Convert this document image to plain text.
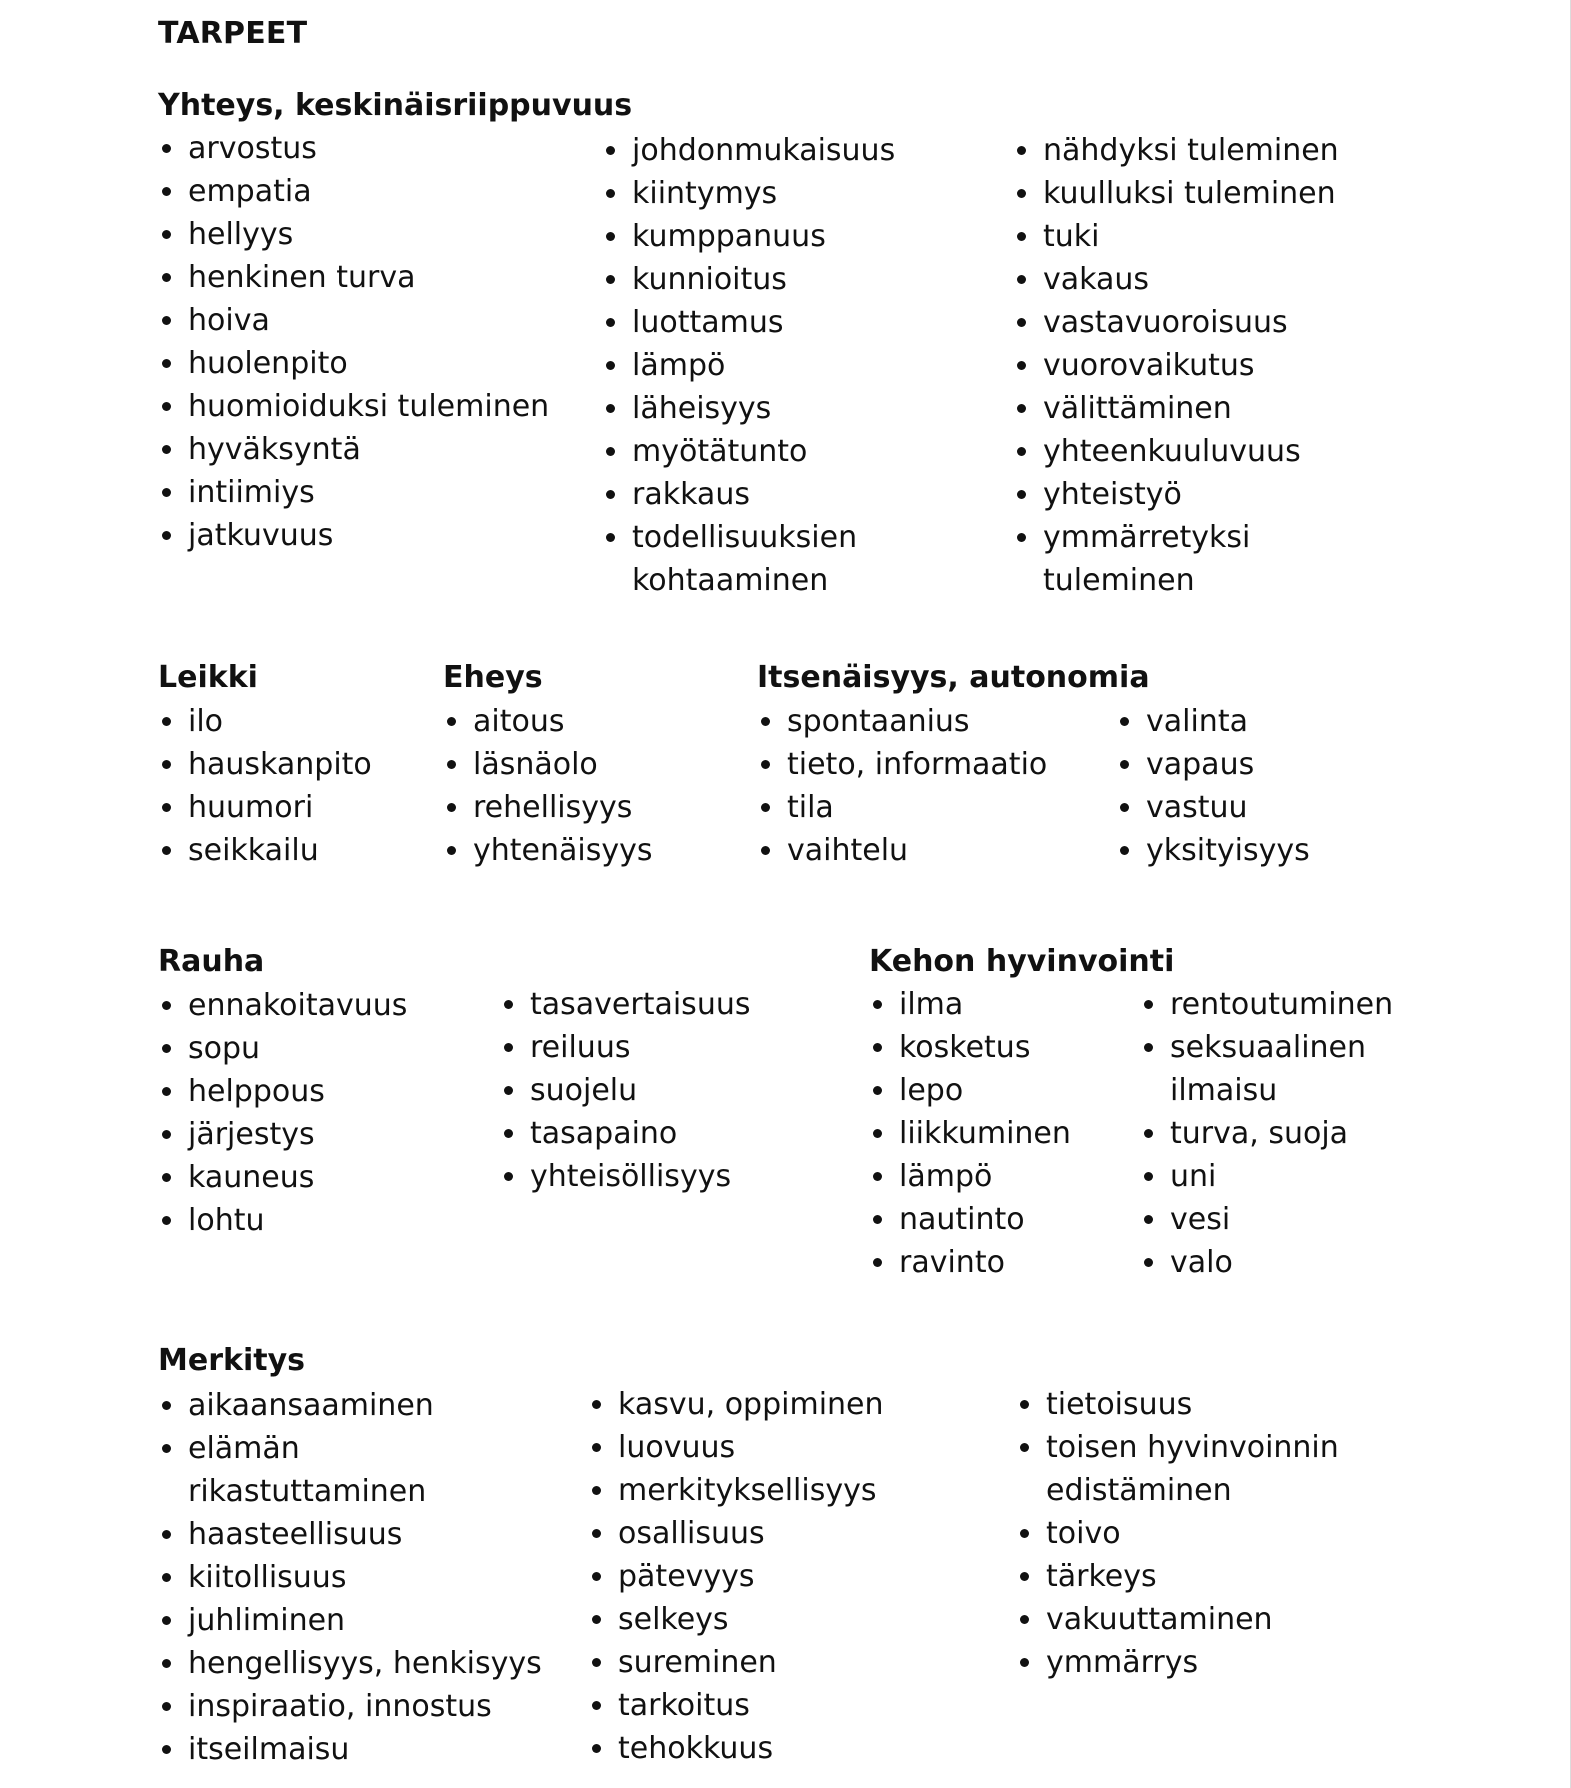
TARPEET
Yhteys, keskinäisriippuvuus
arvostus
empatia
hellyys
henkinen turva
hoiva
huolenpito
huomioiduksi tuleminen
hyväksyntä
intiimiys
jatkuvuus
johdonmukaisuus
kiintymys
kumppanuus
kunnioitus
luottamus
lämpö
läheisyys
myötätunto
rakkaus
todellisuuksien
kohtaaminen
nähdyksi tuleminen
kuulluksi tuleminen
tuki
vakaus
vastavuoroisuus
vuorovaikutus
välittäminen
yhteenkuuluvuus
yhteistyö
ymmärretyksi
tuleminen
Leikki
ilo
hauskanpito
huumori
seikkailu
Eheys
aitous
läsnäolo
rehellisyys
yhtenäisyys
Itsenäisyys, autonomia
spontaanius
tieto, informaatio
tila
vaihtelu
valinta
vapaus
vastuu
yksityisyys
Rauha
ennakoitavuus
sopu
helppous
järjestys
kauneus
lohtu
tasavertaisuus
reiluus
suojelu
tasapaino
yhteisöllisyys
Kehon hyvinvointi
ilma
kosketus
lepo
liikkuminen
lämpö
nautinto
ravinto
rentoutuminen
seksuaalinen
ilmaisu
turva, suoja
uni
vesi
valo
Merkitys
aikaansaaminen
elämän
rikastuttaminen
haasteellisuus
kiitollisuus
juhliminen
hengellisyys, henkisyys
inspiraatio, innostus
itseilmaisu
kasvu, oppiminen
luovuus
merkityksellisyys
osallisuus
pätevyys
selkeys
sureminen
tarkoitus
tehokkuus
tietoisuus
toisen hyvinvoinnin
edistäminen
toivo
tärkeys
vakuuttaminen
ymmärrys
